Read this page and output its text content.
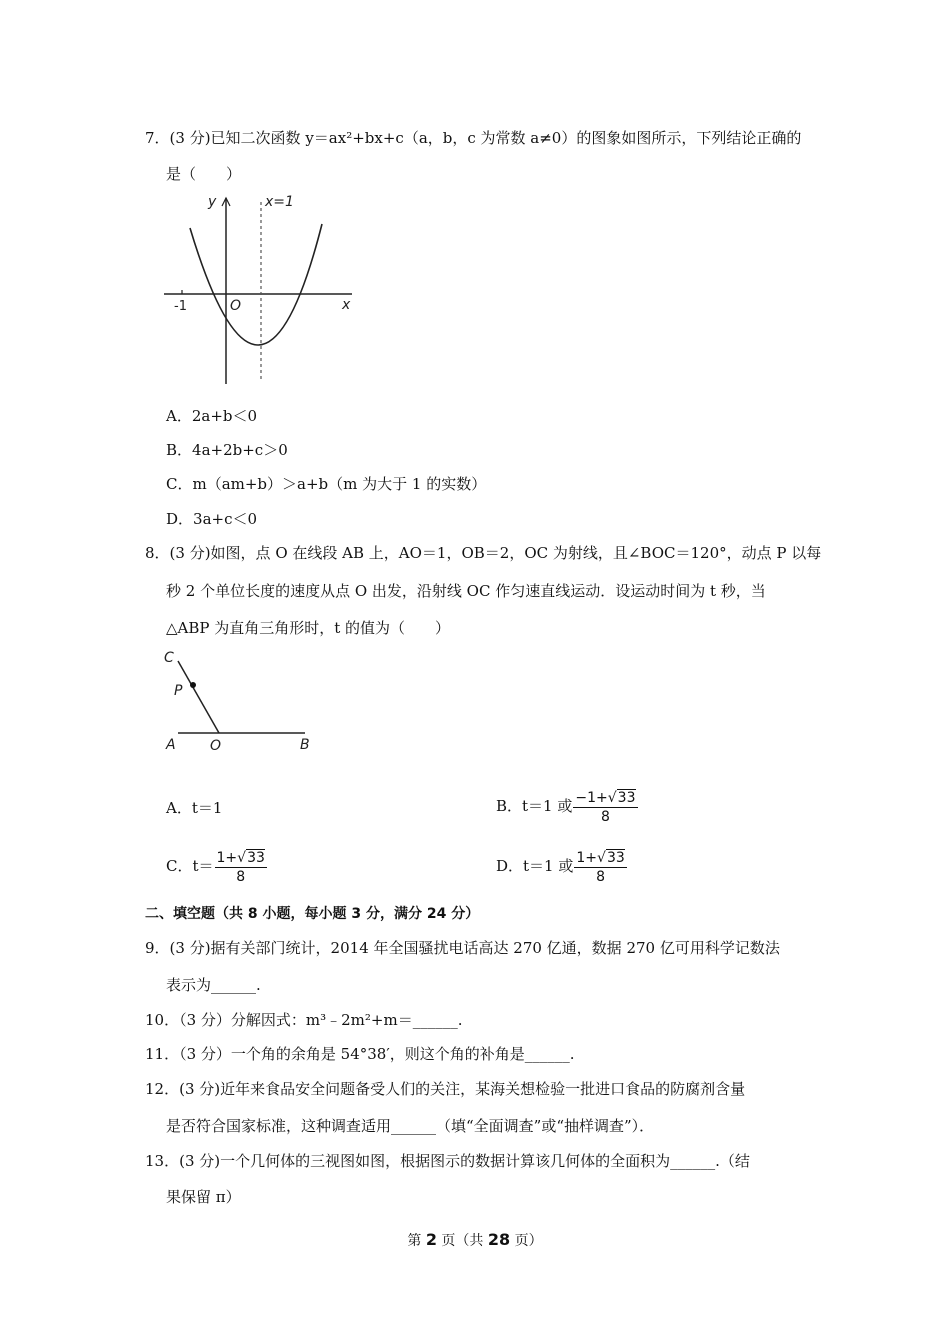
7．(3 分)已知二次函数 y＝ax²+bx+c（a，b，c 为常数 a≠0）的图象如图所示，下列结论正确的
是（　　）
y
x
O
-1
x=1
A．2a+b＜0
B．4a+2b+c＞0
C．m（am+b）＞a+b（m 为大于 1 的实数）
D．3a+c＜0
8．(3 分)如图，点 O 在线段 AB 上，AO＝1，OB＝2，OC 为射线，且∠BOC＝120°，动点 P 以每
秒 2 个单位长度的速度从点 O 出发，沿射线 OC 作匀速直线运动．设运动时间为 t 秒，当
△ABP 为直角三角形时，t 的值为（　　）
C
P
A O	B
A．t＝1	B．t＝1 或 $\frac{-1+√33}{8}$
C．$t= \frac{1+√33}{8}$	D．t＝1 或 $\frac{1+√33}{8}$
二、填空题（共 8 小题，每小题 3 分，满分 24 分）
9．(3 分)据有关部门统计，2014 年全国骚扰电话高达 270 亿通，数据 270 亿可用科学记数法
表示为______.
10．（3 分）分解因式：m³﹣2m²+m＝______.
11．（3 分）一个角的余角是 54°38′，则这个角的补角是______.
12．(3 分)近年来食品安全问题备受人们的关注，某海关想检验一批进口食品的防腐剂含量
是否符合国家标准，这种调查适用______（填“全面调查”或“抽样调查”）．
13．(3 分)一个几何体的三视图如图，根据图示的数据计算该几何体的全面积为______.（结
果保留 π）
第 2 页（共 28 页）
